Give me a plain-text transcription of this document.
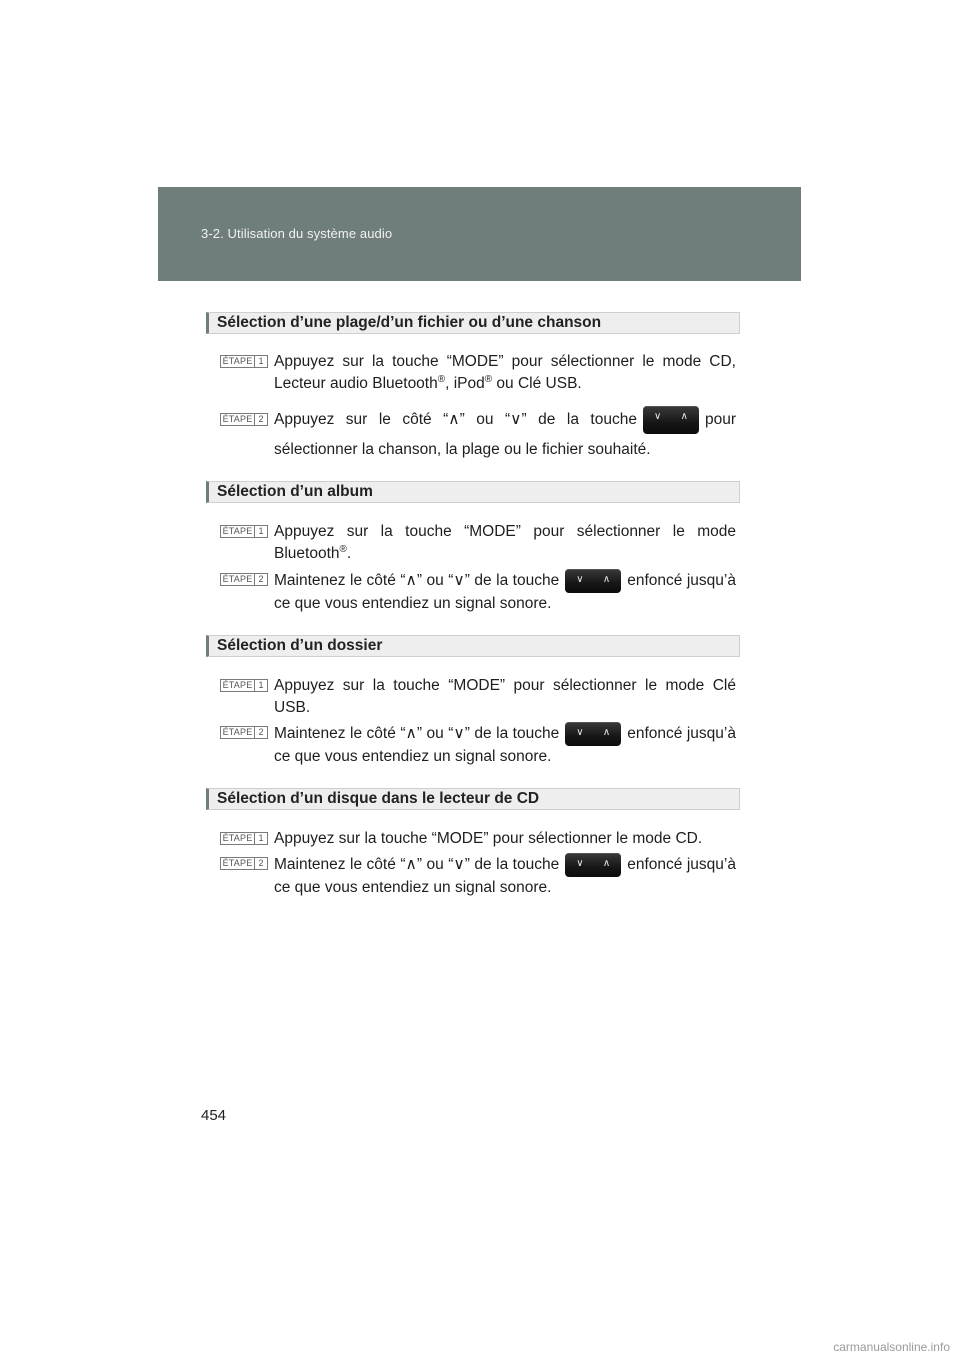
3-2. Utilisation du système audio
Sélection d’une plage/d’un fichier ou d’une chanson
ÉTAPE 1 Appuyez sur la touche “MODE” pour sélectionner le mode CD, Lecteur audio Bluetooth®, iPod® ou Clé USB.
ÉTAPE 2 Appuyez sur le côté “∧” ou “∨” de la touche ∨ ∧ pour sélectionner la chanson, la plage ou le fichier souhaité.
Sélection d’un album
ÉTAPE 1 Appuyez sur la touche “MODE” pour sélectionner le mode Bluetooth®.
ÉTAPE 2 Maintenez le côté “∧” ou “∨” de la touche ∨ ∧ enfoncé jusqu’à ce que vous entendiez un signal sonore.
Sélection d’un dossier
ÉTAPE 1 Appuyez sur la touche “MODE” pour sélectionner le mode Clé USB.
ÉTAPE 2 Maintenez le côté “∧” ou “∨” de la touche ∨ ∧ enfoncé jusqu’à ce que vous entendiez un signal sonore.
Sélection d’un disque dans le lecteur de CD
ÉTAPE 1 Appuyez sur la touche “MODE” pour sélectionner le mode CD.
ÉTAPE 2 Maintenez le côté “∧” ou “∨” de la touche ∨ ∧ enfoncé jusqu’à ce que vous entendiez un signal sonore.
454
carmanualsonline.info
